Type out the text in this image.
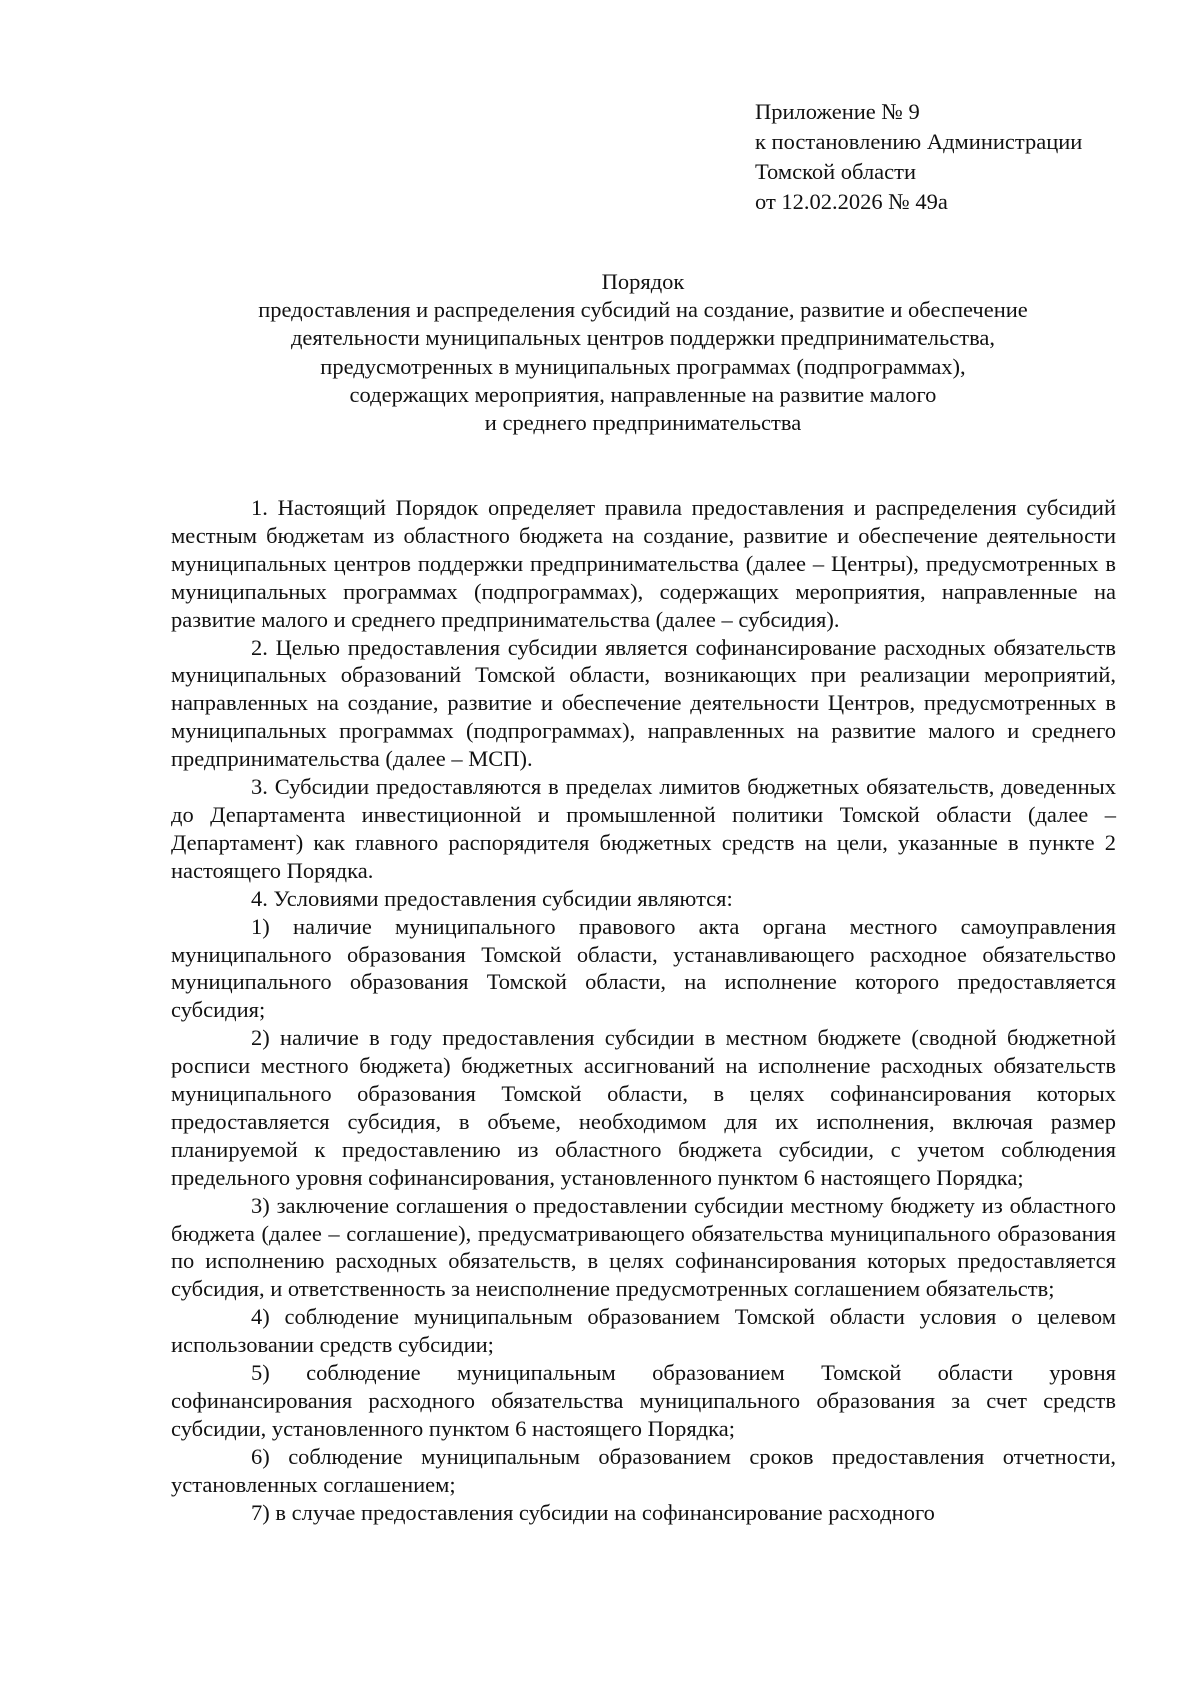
Приложение № 9
к постановлению Администрации
Томской области
от 12.02.2026 № 49а
Порядок
предоставления и распределения субсидий на создание, развитие и обеспечение
деятельности муниципальных центров поддержки предпринимательства,
предусмотренных в муниципальных программах (подпрограммах),
содержащих мероприятия, направленные на развитие малого
и среднего предпринимательства

1. Настоящий Порядок определяет правила предоставления и распределения субсидий местным бюджетам из областного бюджета на создание, развитие и обеспечение деятельности муниципальных центров поддержки предпринимательства (далее – Центры), предусмотренных в муниципальных программах (подпрограммах), содержащих мероприятия, направленные на развитие малого и среднего предпринимательства (далее – субсидия).

2. Целью предоставления субсидии является софинансирование расходных обязательств муниципальных образований Томской области, возникающих при реализации мероприятий, направленных на создание, развитие и обеспечение деятельности Центров, предусмотренных в муниципальных программах (подпрограммах), направленных на развитие малого и среднего предпринимательства (далее – МСП).

3. Субсидии предоставляются в пределах лимитов бюджетных обязательств, доведенных до Департамента инвестиционной и промышленной политики Томской области (далее – Департамент) как главного распорядителя бюджетных средств на цели, указанные в пункте 2 настоящего Порядка.

4. Условиями предоставления субсидии являются:

1) наличие муниципального правового акта органа местного самоуправления муниципального образования Томской области, устанавливающего расходное обязательство муниципального образования Томской области, на исполнение которого предоставляется субсидия;

2) наличие в году предоставления субсидии в местном бюджете (сводной бюджетной росписи местного бюджета) бюджетных ассигнований на исполнение расходных обязательств муниципального образования Томской области, в целях софинансирования которых предоставляется субсидия, в объеме, необходимом для их исполнения, включая размер планируемой к предоставлению из областного бюджета субсидии, с учетом соблюдения предельного уровня софинансирования, установленного пунктом 6 настоящего Порядка;

3) заключение соглашения о предоставлении субсидии местному бюджету из областного бюджета (далее – соглашение), предусматривающего обязательства муниципального образования по исполнению расходных обязательств, в целях софинансирования которых предоставляется субсидия, и ответственность за неисполнение предусмотренных соглашением обязательств;

4) соблюдение муниципальным образованием Томской области условия о целевом использовании средств субсидии;

5) соблюдение муниципальным образованием Томской области уровня софинансирования расходного обязательства муниципального образования за счет средств субсидии, установленного пунктом 6 настоящего Порядка;

6) соблюдение муниципальным образованием сроков предоставления отчетности, установленных соглашением;

7) в случае предоставления субсидии на софинансирование расходного
